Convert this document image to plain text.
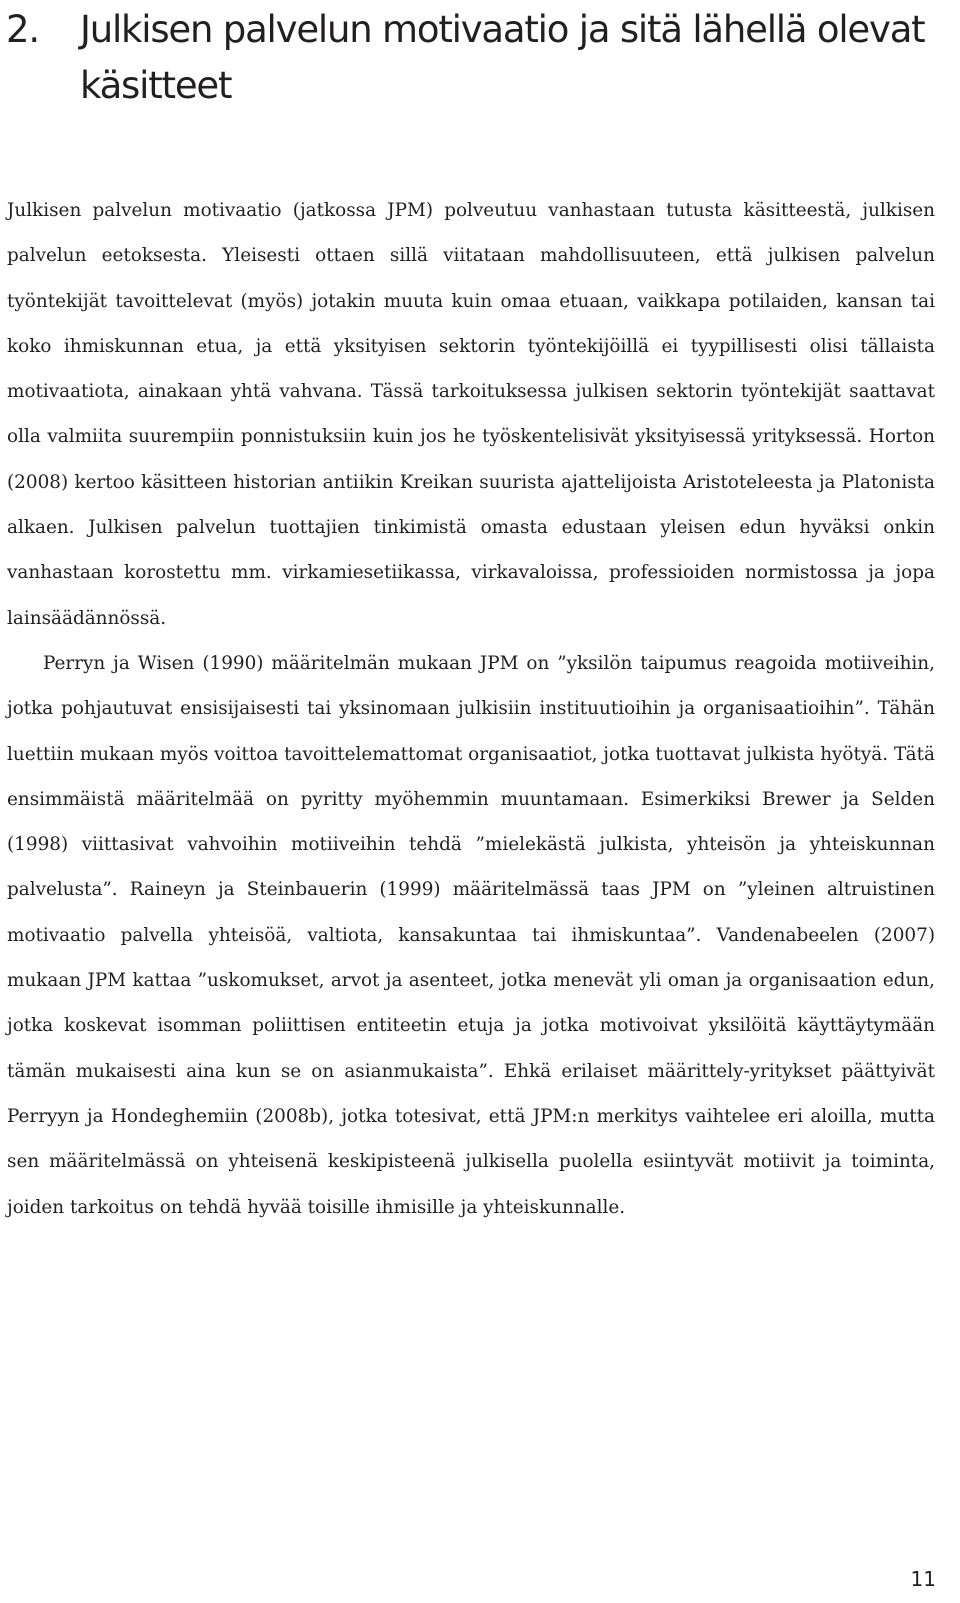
2.	Julkisen palvelun motivaatio ja sitä lähellä olevat käsitteet

Julkisen palvelun motivaatio (jatkossa JPM) polveutuu vanhastaan tutusta käsitteestä, julkisen palvelun eetoksesta. Yleisesti ottaen sillä viitataan mahdollisuuteen, että julkisen palvelun työntekijät tavoittelevat (myös) jotakin muuta kuin omaa etuaan, vaikkapa potilaiden, kansan tai koko ihmiskunnan etua, ja että yksityisen sektorin työntekijöillä ei tyypillisesti olisi tällaista motivaatiota, ainakaan yhtä vahvana. Tässä tarkoituksessa julkisen sektorin työntekijät saattavat olla valmiita suurempiin ponnistuksiin kuin jos he työskentelisivät yksityisessä yrityksessä. Horton (2008) kertoo käsitteen historian antiikin Kreikan suurista ajattelijoista Aristoteleesta ja Platonista alkaen. Julkisen palvelun tuottajien tinkimistä omasta edustaan yleisen edun hyväksi onkin vanhastaan korostettu mm. virkamiesetiikassa, virkavaloissa, professioiden normistossa ja jopa lainsäädännössä.

Perryn ja Wisen (1990) määritelmän mukaan JPM on ”yksilön taipumus reagoida motiiveihin, jotka pohjautuvat ensisijaisesti tai yksinomaan julkisiin instituutioihin ja organisaatioihin”. Tähän luettiin mukaan myös voittoa tavoittelemattomat organisaatiot, jotka tuottavat julkista hyötyä. Tätä ensimmäistä määritelmää on pyritty myöhemmin muuntamaan. Esimerkiksi Brewer ja Selden (1998) viittasivat vahvoihin motiiveihin tehdä ”mielekästä julkista, yhteisön ja yhteiskunnan palvelusta”. Raineyn ja Steinbauerin (1999) määritelmässä taas JPM on ”yleinen altruistinen motivaatio palvella yhteisöä, valtiota, kansakuntaa tai ihmiskuntaa”. Vandenabeelen (2007) mukaan JPM kattaa ”uskomukset, arvot ja asenteet, jotka menevät yli oman ja organisaation edun, jotka koskevat isomman poliittisen entiteetin etuja ja jotka motivoivat yksilöitä käyttäytymään tämän mukaisesti aina kun se on asianmukaista”. Ehkä erilaiset määrittely-yritykset päättyivät Perryyn ja Hondeghemiin (2008b), jotka totesivat, että JPM:n merkitys vaihtelee eri aloilla, mutta sen määritelmässä on yhteisenä keskipisteenä julkisella puolella esiintyvät motiivit ja toiminta, joiden tarkoitus on tehdä hyvää toisille ihmisille ja yhteiskunnalle.

11
